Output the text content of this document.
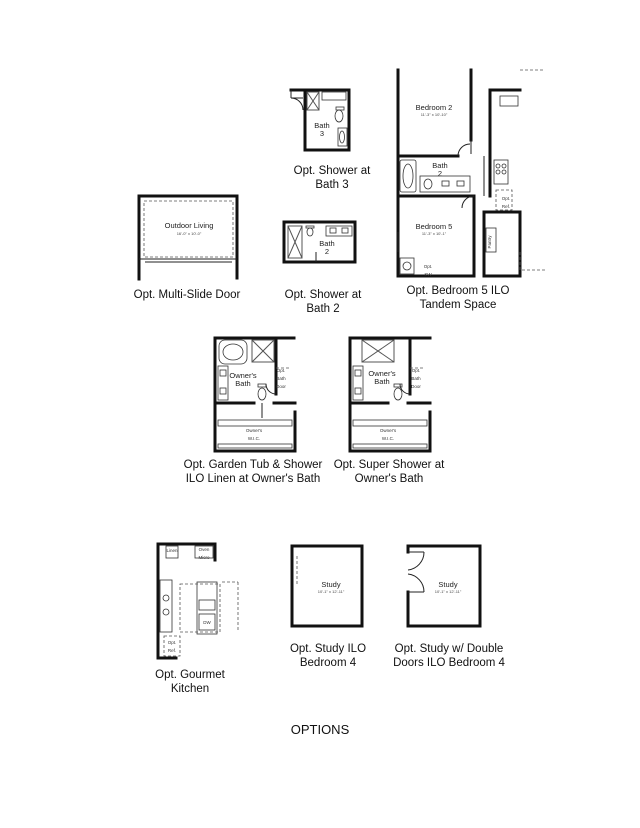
Bath 3
Outdoor Living
16'-0" x 10'-0"
Bath 2
Bedroom 2
11'-3" x 10'-10"
Bath 2
Bedroom 5
11'-3" x 10'-1"
Opt. Ref.
Pantry
Opt. SW
Owner's Bath
Opt. Bath Door
Owner's W.I.C.
Owner's Bath
Opt. Bath Door
Owner's W.I.C.
Oven Micro
Linen
DW
Opt. Ref.
Study
10'-1" x 12'-11"
Study
10'-1" x 12'-11"
Opt. Shower at
Bath 3
Opt. Multi-Slide Door	Opt. Shower at
Bath 2
Opt. Bedroom 5 ILO
Tandem Space
Opt. Garden Tub & Shower
ILO Linen at Owner's Bath
Opt. Super Shower at
Owner's Bath
Opt. Gourmet
Kitchen
Opt. Study ILO
Bedroom 4
Opt. Study w/ Double
Doors ILO Bedroom 4
OPTIONS
